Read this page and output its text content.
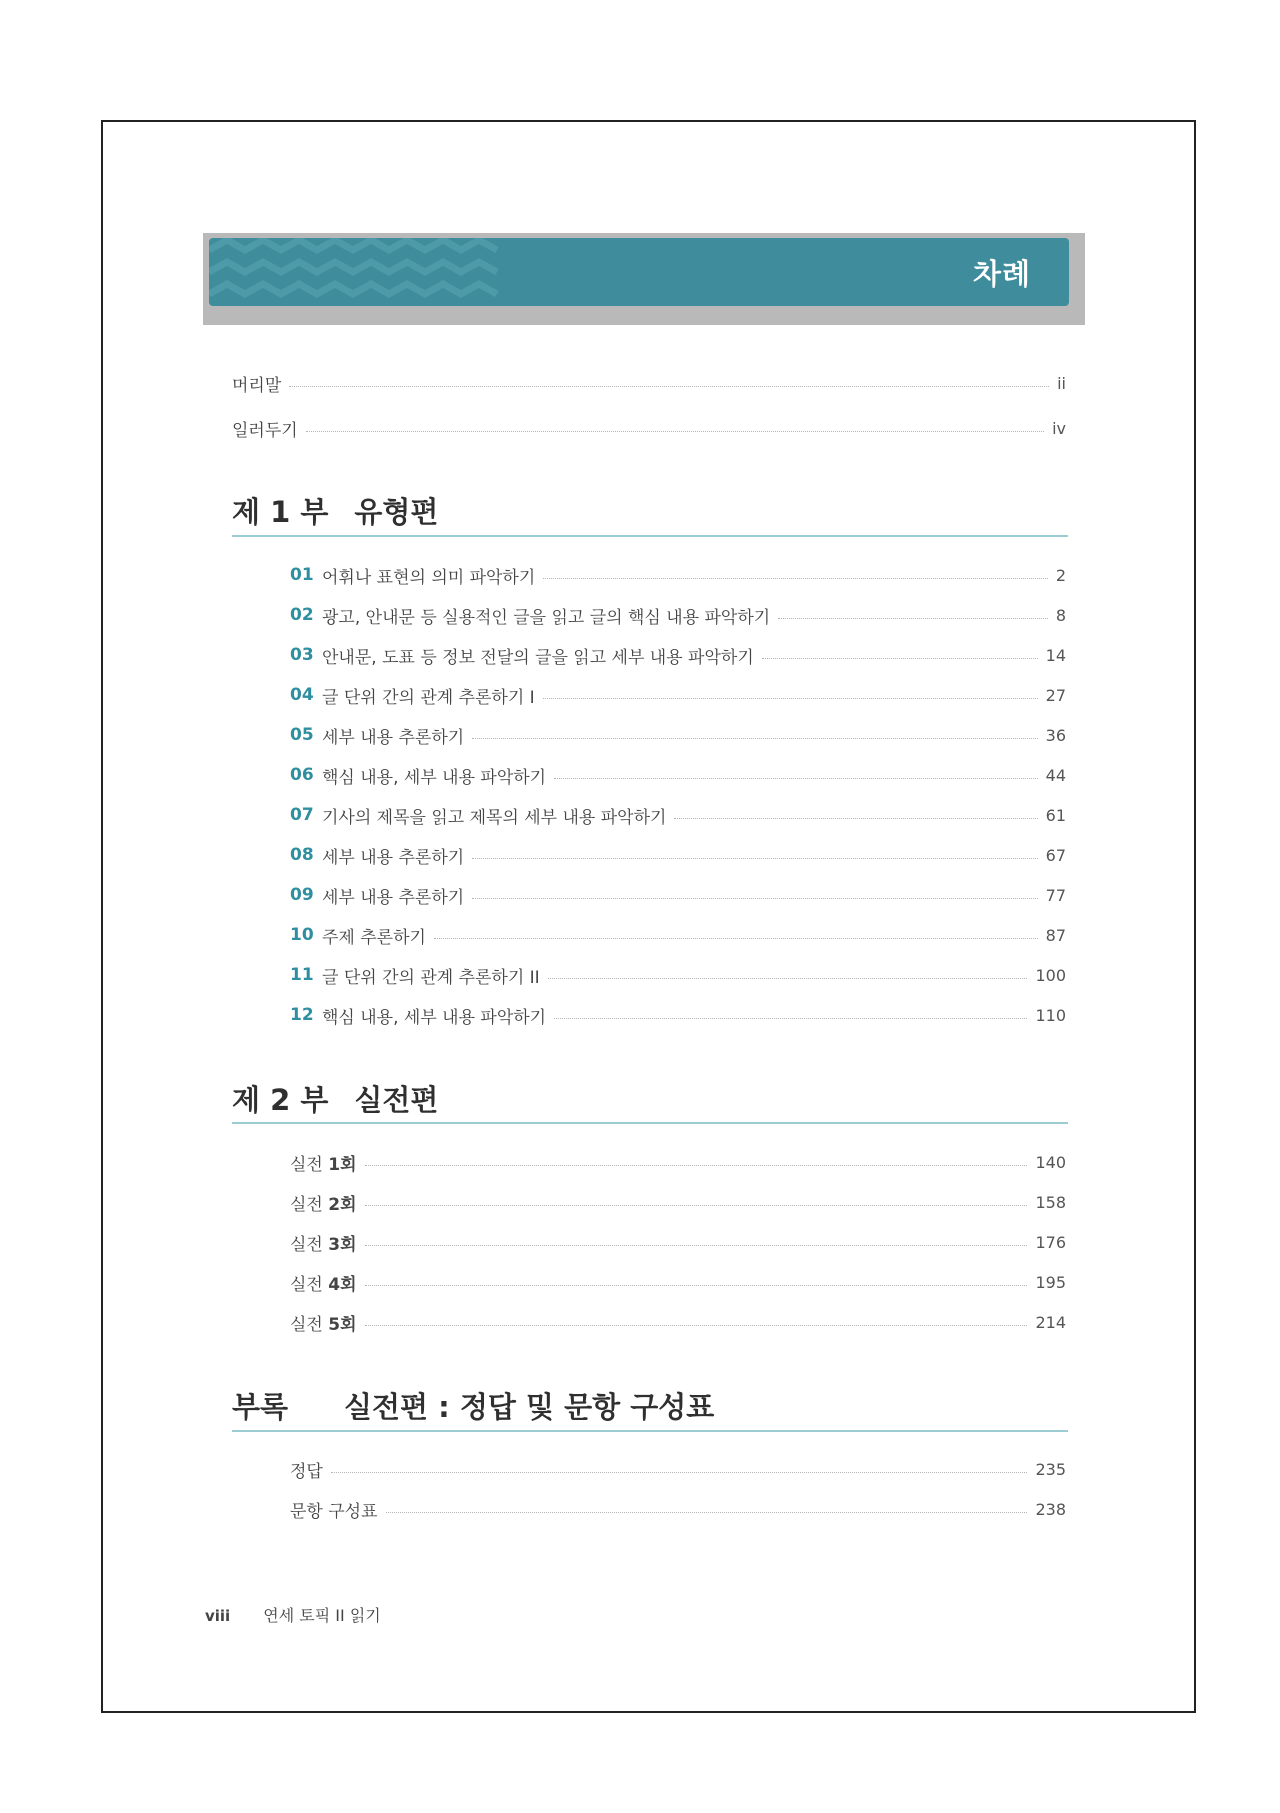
차례
머리말	ii
일러두기	iv
제 1 부 유형편
01 어휘나 표현의 의미 파악하기	2
02 광고, 안내문 등 실용적인 글을 읽고 글의 핵심 내용 파악하기	8
03 안내문, 도표 등 정보 전달의 글을 읽고 세부 내용 파악하기	14
04 글 단위 간의 관계 추론하기 I	27
05 세부 내용 추론하기	36
06 핵심 내용, 세부 내용 파악하기	44
07 기사의 제목을 읽고 제목의 세부 내용 파악하기	61
08 세부 내용 추론하기	67
09 세부 내용 추론하기	77
10 주제 추론하기	87
11 글 단위 간의 관계 추론하기 II	100
12 핵심 내용, 세부 내용 파악하기	110
제 2 부 실전편
실전 1회	140
실전 2회	158
실전 3회	176
실전 4회	195
실전 5회	214
부록 실전편 : 정답 및 문항 구성표
정답	235
문항 구성표	238
viii 연세 토픽 II 읽기
